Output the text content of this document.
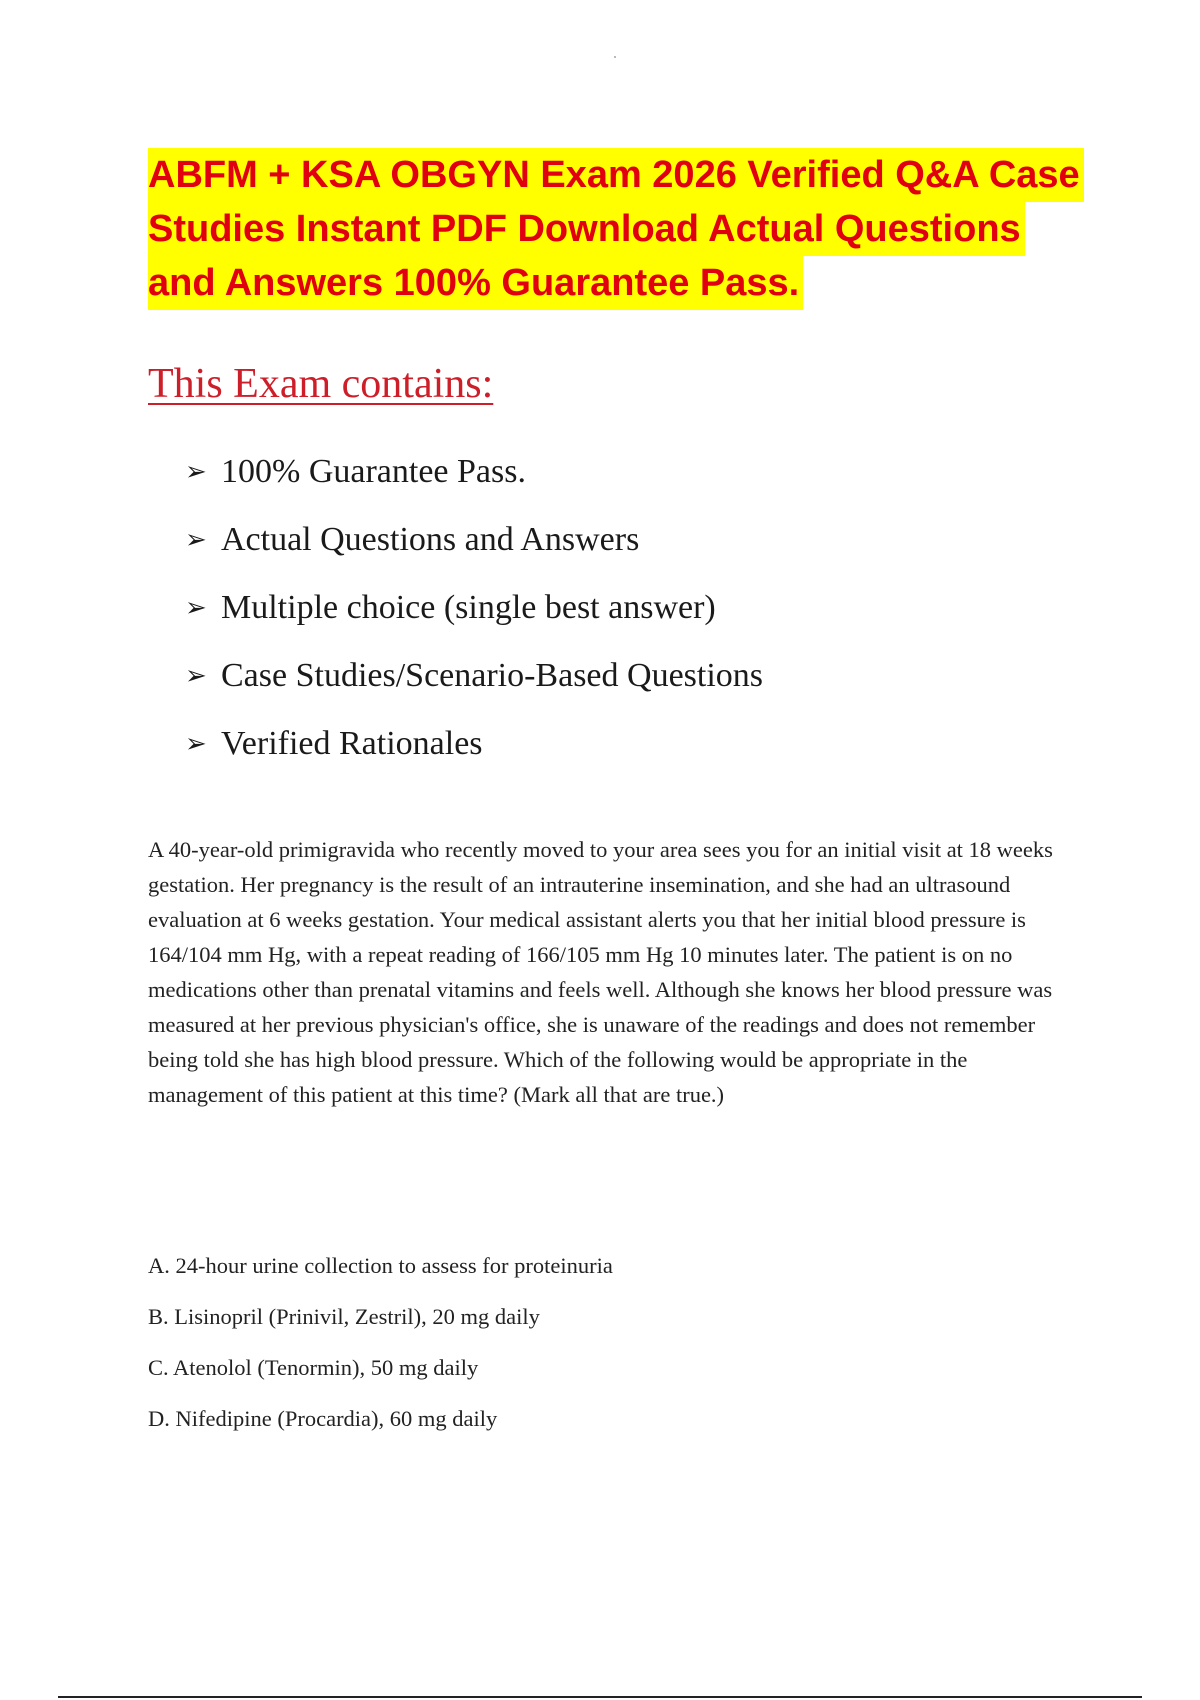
ABFM + KSA OBGYN Exam 2026 Verified Q&A Case
Studies Instant PDF Download Actual Questions
and Answers 100% Guarantee Pass.
This Exam contains:
➢ 100% Guarantee Pass.
➢ Actual Questions and Answers
➢ Multiple choice (single best answer)
➢ Case Studies/Scenario-Based Questions
➢ Verified Rationales

A 40-year-old primigravida who recently moved to your area sees you for an initial visit at 18 weeks gestation. Her pregnancy is the result of an intrauterine insemination, and she had an ultrasound evaluation at 6 weeks gestation. Your medical assistant alerts you that her initial blood pressure is 164/104 mm Hg, with a repeat reading of 166/105 mm Hg 10 minutes later. The patient is on no medications other than prenatal vitamins and feels well. Although she knows her blood pressure was measured at her previous physician's office, she is unaware of the readings and does not remember being told she has high blood pressure. Which of the following would be appropriate in the management of this patient at this time? (Mark all that are true.)

A. 24-hour urine collection to assess for proteinuria
B. Lisinopril (Prinivil, Zestril), 20 mg daily
C. Atenolol (Tenormin), 50 mg daily
D. Nifedipine (Procardia), 60 mg daily
